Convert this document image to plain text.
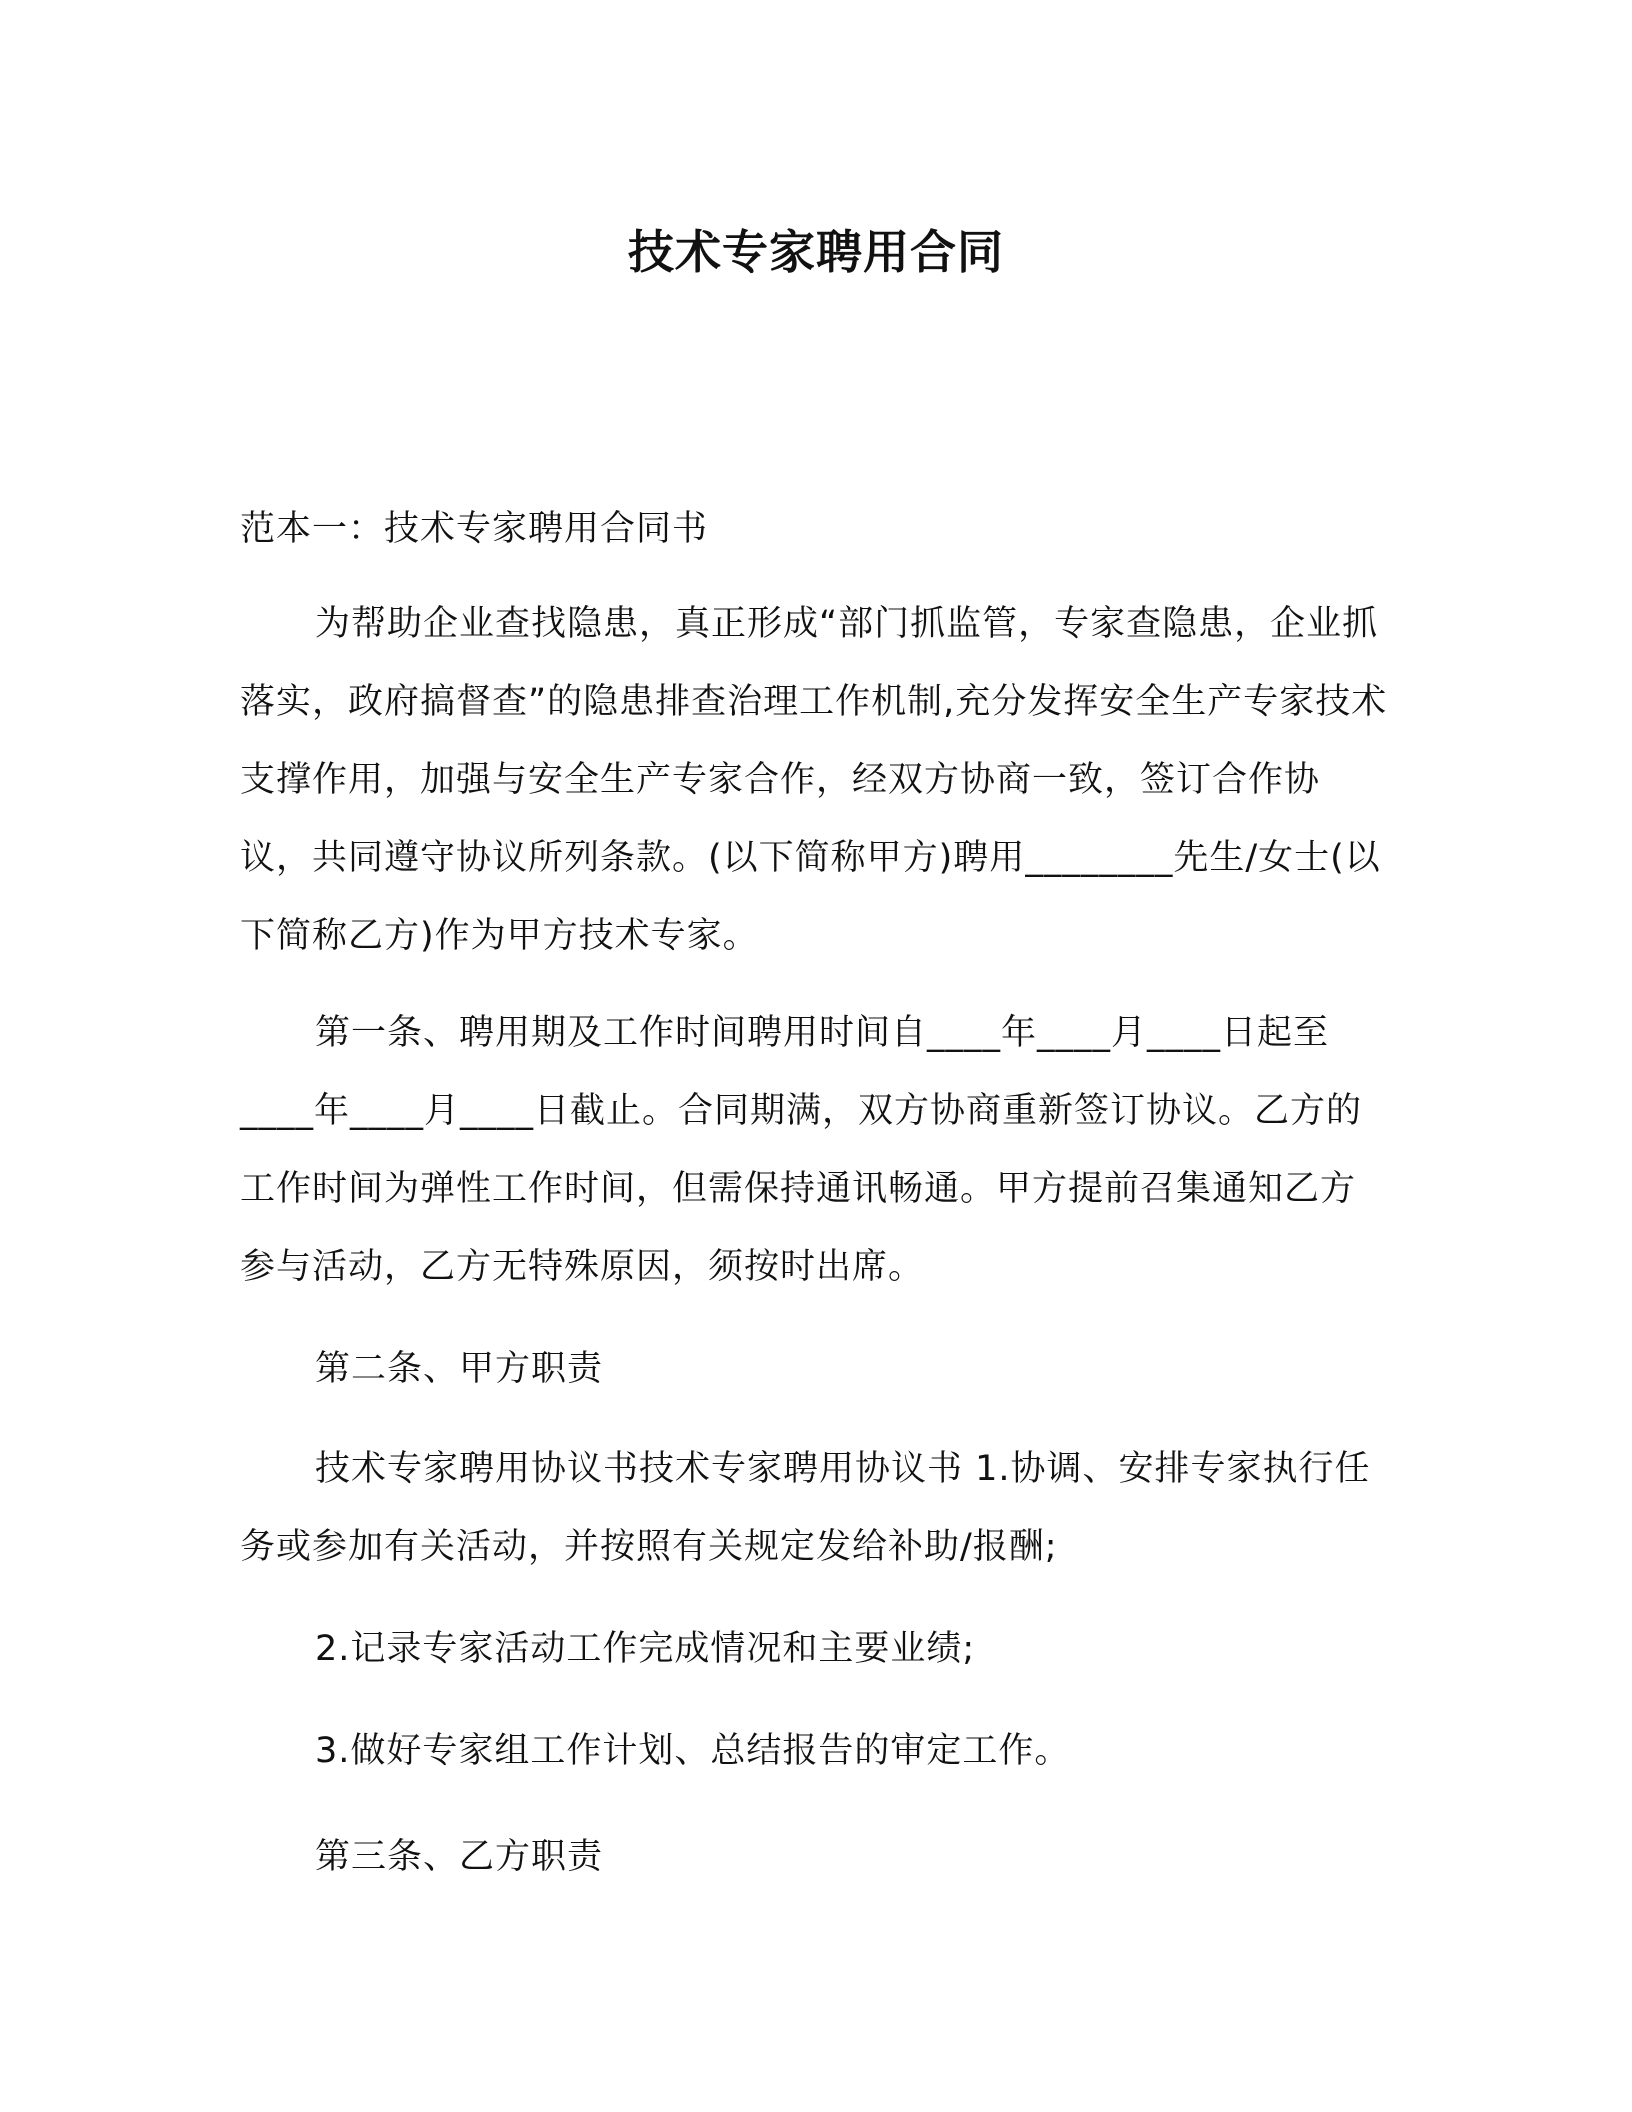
技术专家聘用合同
范本一：技术专家聘用合同书
为帮助企业查找隐患，真正形成“部门抓监管，专家查隐患，企业抓落实，政府搞督查”的隐患排查治理工作机制,充分发挥安全生产专家技术支撑作用，加强与安全生产专家合作，经双方协商一致，签订合作协议，共同遵守协议所列条款。(以下简称甲方)聘用________先生/女士(以下简称乙方)作为甲方技术专家。
第一条、聘用期及工作时间聘用时间自____年____月____日起至____年____月____日截止。合同期满，双方协商重新签订协议。乙方的工作时间为弹性工作时间，但需保持通讯畅通。甲方提前召集通知乙方参与活动，乙方无特殊原因，须按时出席。
第二条、甲方职责
技术专家聘用协议书技术专家聘用协议书 1.协调、安排专家执行任务或参加有关活动，并按照有关规定发给补助/报酬;
2.记录专家活动工作完成情况和主要业绩;
3.做好专家组工作计划、总结报告的审定工作。
第三条、乙方职责
